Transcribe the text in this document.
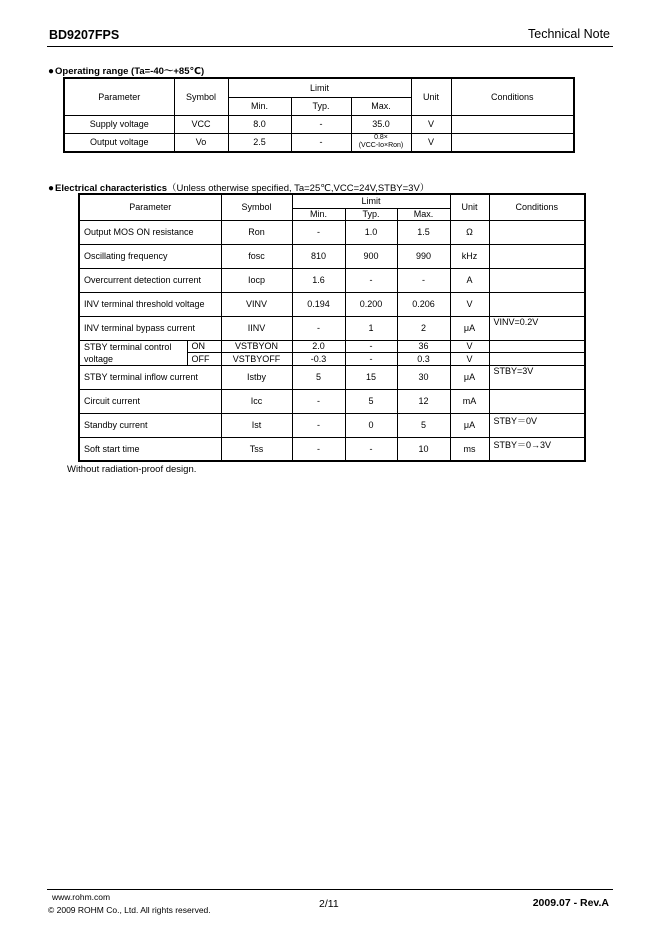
BD9207FPS	Technical Note
●Operating range (Ta=-40～+85℃)
Parameter	Symbol	Limit			Unit	Conditions
		Min.	Typ.	Max.		
Supply voltage	VCC	8.0	-	35.0	V	
Output voltage	Vo	2.5	-	0.8×
(VCC-Io×Ron)	V	
●Electrical characteristics（Unless otherwise specified, Ta=25℃,VCC=24V,STBY=3V）
Parameter		Symbol	Limit			Unit	Conditions
			Min.	Typ.	Max.		
Output MOS ON resistance		Ron	-	1.0	1.5	Ω	
Oscillating frequency		fosc	810	900	990	kHz	
Overcurrent detection current		Iocp	1.6	-	-	A	
INV terminal threshold voltage		VINV	0.194	0.200	0.206	V	
INV terminal bypass current		IINV	-	1	2	μA	VINV=0.2V
STBY terminal control
voltage	ON	VSTBYON	2.0	-	36	V	
	OFF	VSTBYOFF	-0.3	-	0.3	V	
STBY terminal inflow current		Istby	5	15	30	μA	STBY=3V
Circuit current		Icc	-	5	12	mA	
Standby current		Ist	-	0	5	μA	STBY＝0V
Soft start time		Tss	-	-	10	ms	STBY＝0→3V
Without radiation-proof design.
www.rohm.com
© 2009 ROHM Co., Ltd. All rights reserved.	2/11	2009.07 - Rev.A
